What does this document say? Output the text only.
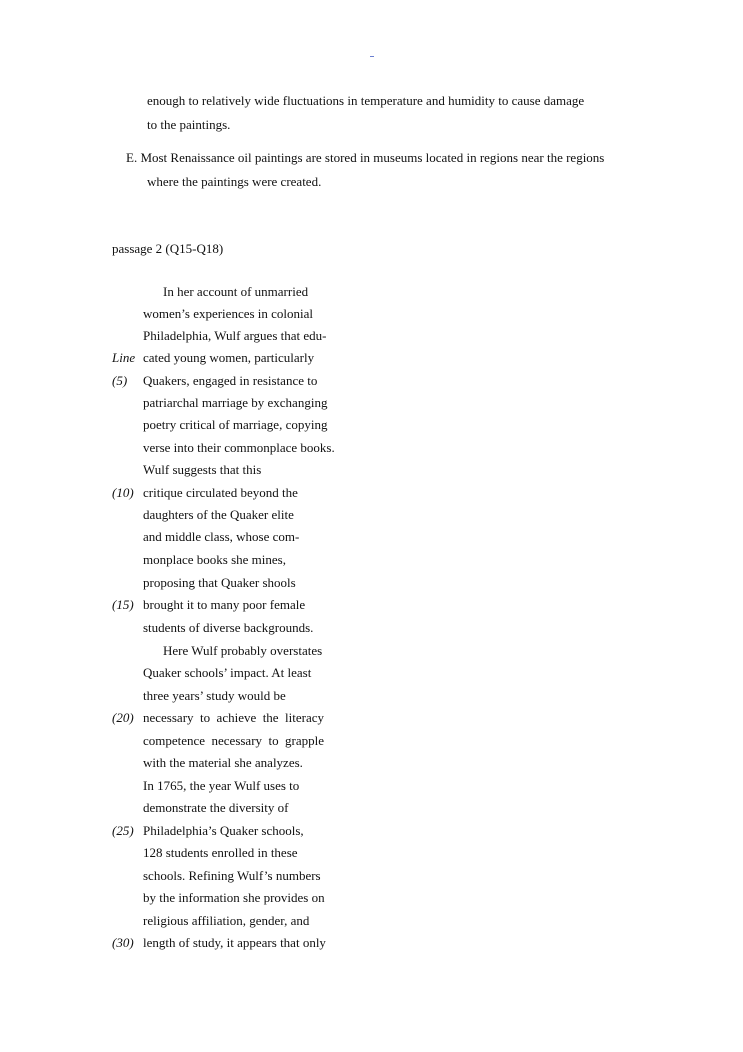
enough to relatively wide fluctuations in temperature and humidity to cause damage
to the paintings.
E. Most Renaissance oil paintings are stored in museums located in regions near the regions
where the paintings were created.
passage 2 (Q15-Q18)
In her account of unmarried
women’s experiences in colonial
Philadelphia, Wulf argues that edu-
cated young women, particularly
Quakers, engaged in resistance to
patriarchal marriage by exchanging
poetry critical of marriage, copying
verse into their commonplace books.
Wulf suggests that this
critique circulated beyond the
daughters of the Quaker elite
and middle class, whose com-
monplace books she mines,
proposing that Quaker shools
brought it to many poor female
students of diverse backgrounds.
Here Wulf probably overstates
Quaker schools’ impact. At least
three years’ study would be
necessary to achieve the literacy
competence necessary to grapple
with the material she analyzes.
In 1765, the year Wulf uses to
demonstrate the diversity of
Philadelphia’s Quaker schools,
128 students enrolled in these
schools. Refining Wulf’s numbers
by the information she provides on
religious affiliation, gender, and
length of study, it appears that only
Line
(5)
(10)
(15)
(20)
(25)
(30)
